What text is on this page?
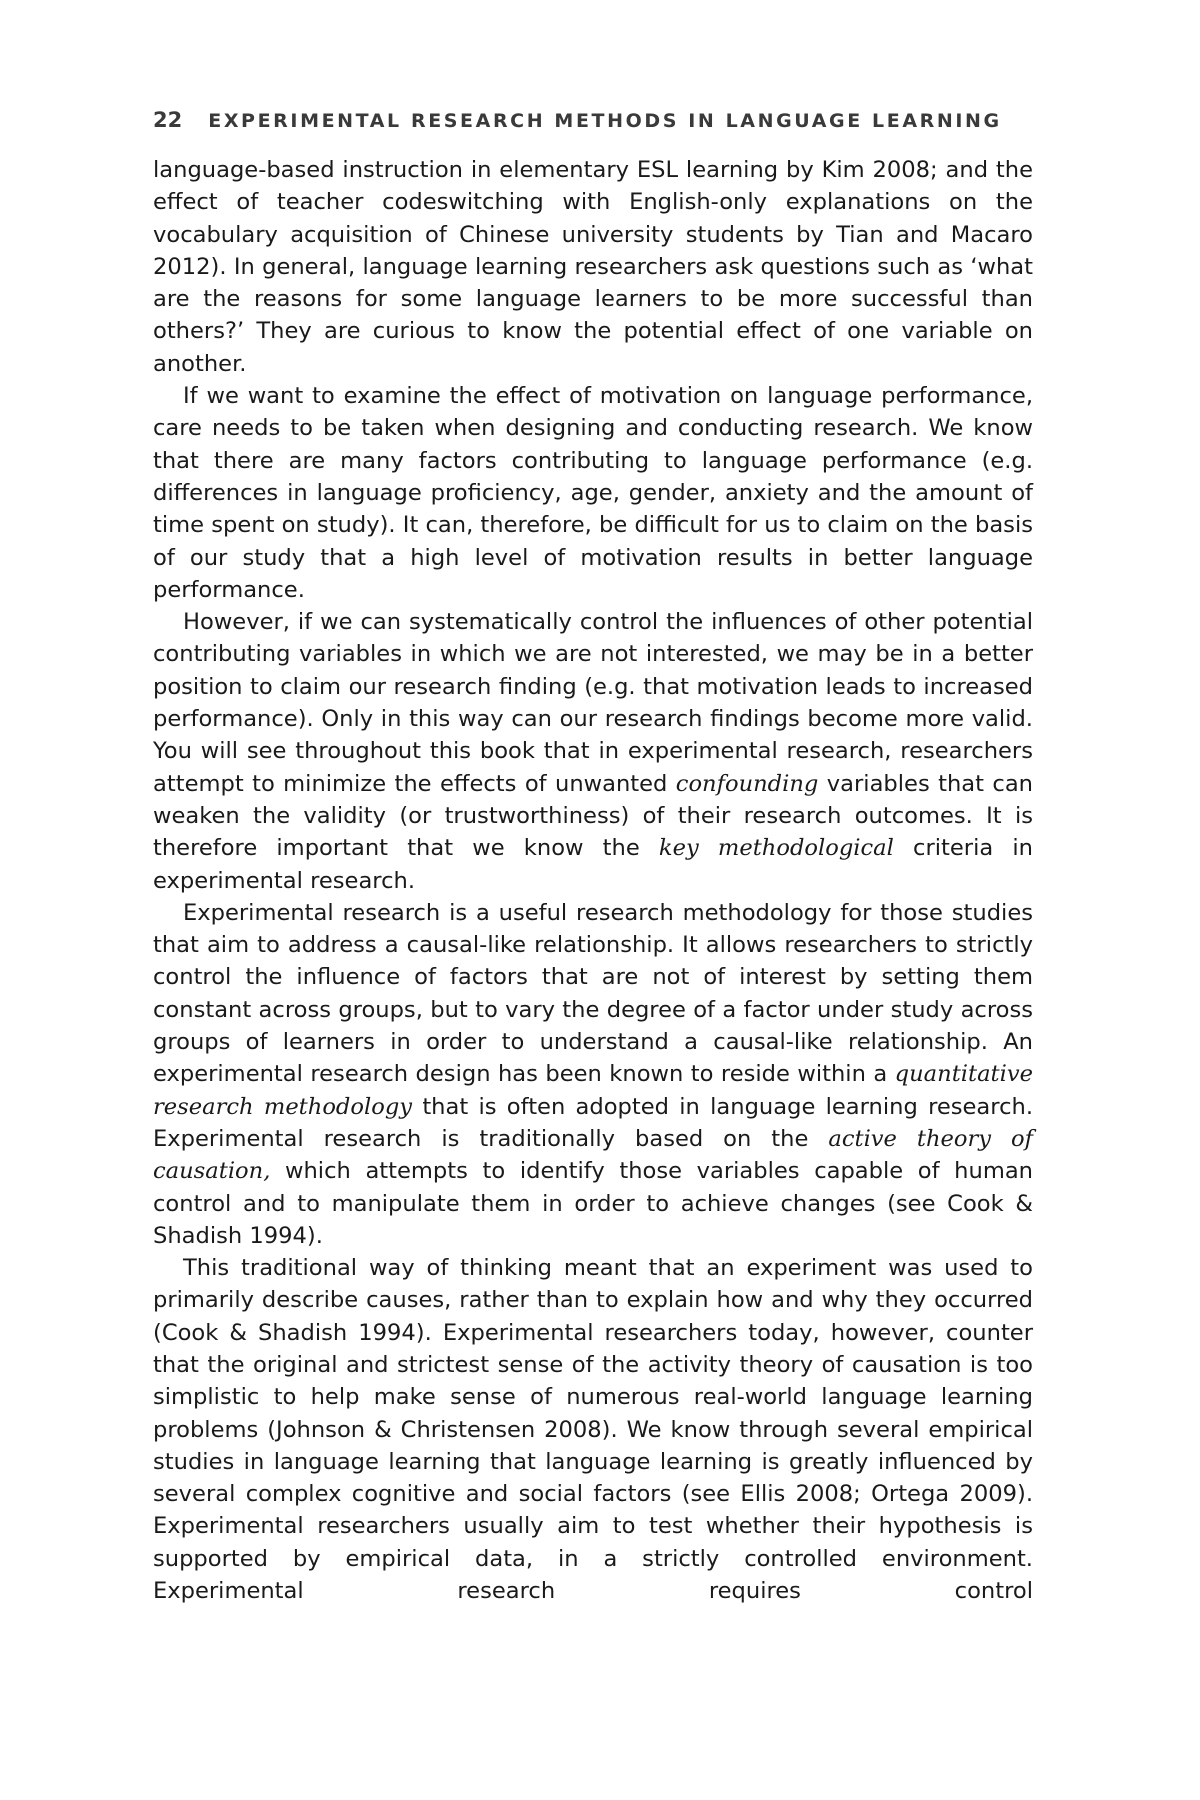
22 EXPERIMENTAL RESEARCH METHODS IN LANGUAGE LEARNING

language-based instruction in elementary ESL learning by Kim 2008; and the effect of teacher codeswitching with English-only explanations on the vocabulary acquisition of Chinese university students by Tian and Macaro 2012). In general, language learning researchers ask questions such as ‘what are the reasons for some language learners to be more successful than others?’ They are curious to know the potential effect of one variable on another.

If we want to examine the effect of motivation on language performance, care needs to be taken when designing and conducting research. We know that there are many factors contributing to language performance (e.g. differences in language proficiency, age, gender, anxiety and the amount of time spent on study). It can, therefore, be difficult for us to claim on the basis of our study that a high level of motivation results in better language performance.

However, if we can systematically control the influences of other potential contributing variables in which we are not interested, we may be in a better position to claim our research finding (e.g. that motivation leads to increased performance). Only in this way can our research findings become more valid. You will see throughout this book that in experimental research, researchers attempt to minimize the effects of unwanted confounding variables that can weaken the validity (or trustworthiness) of their research outcomes. It is therefore important that we know the key methodological criteria in experimental research.

Experimental research is a useful research methodology for those studies that aim to address a causal-like relationship. It allows researchers to strictly control the influence of factors that are not of interest by setting them constant across groups, but to vary the degree of a factor under study across groups of learners in order to understand a causal-like relationship. An experimental research design has been known to reside within a quantitative research methodology that is often adopted in language learning research. Experimental research is traditionally based on the active theory of causation, which attempts to identify those variables capable of human control and to manipulate them in order to achieve changes (see Cook & Shadish 1994).

This traditional way of thinking meant that an experiment was used to primarily describe causes, rather than to explain how and why they occurred (Cook & Shadish 1994). Experimental researchers today, however, counter that the original and strictest sense of the activity theory of causation is too simplistic to help make sense of numerous real-world language learning problems (Johnson & Christensen 2008). We know through several empirical studies in language learning that language learning is greatly influenced by several complex cognitive and social factors (see Ellis 2008; Ortega 2009). Experimental researchers usually aim to test whether their hypothesis is supported by empirical data, in a strictly controlled environment. Experimental research requires control
